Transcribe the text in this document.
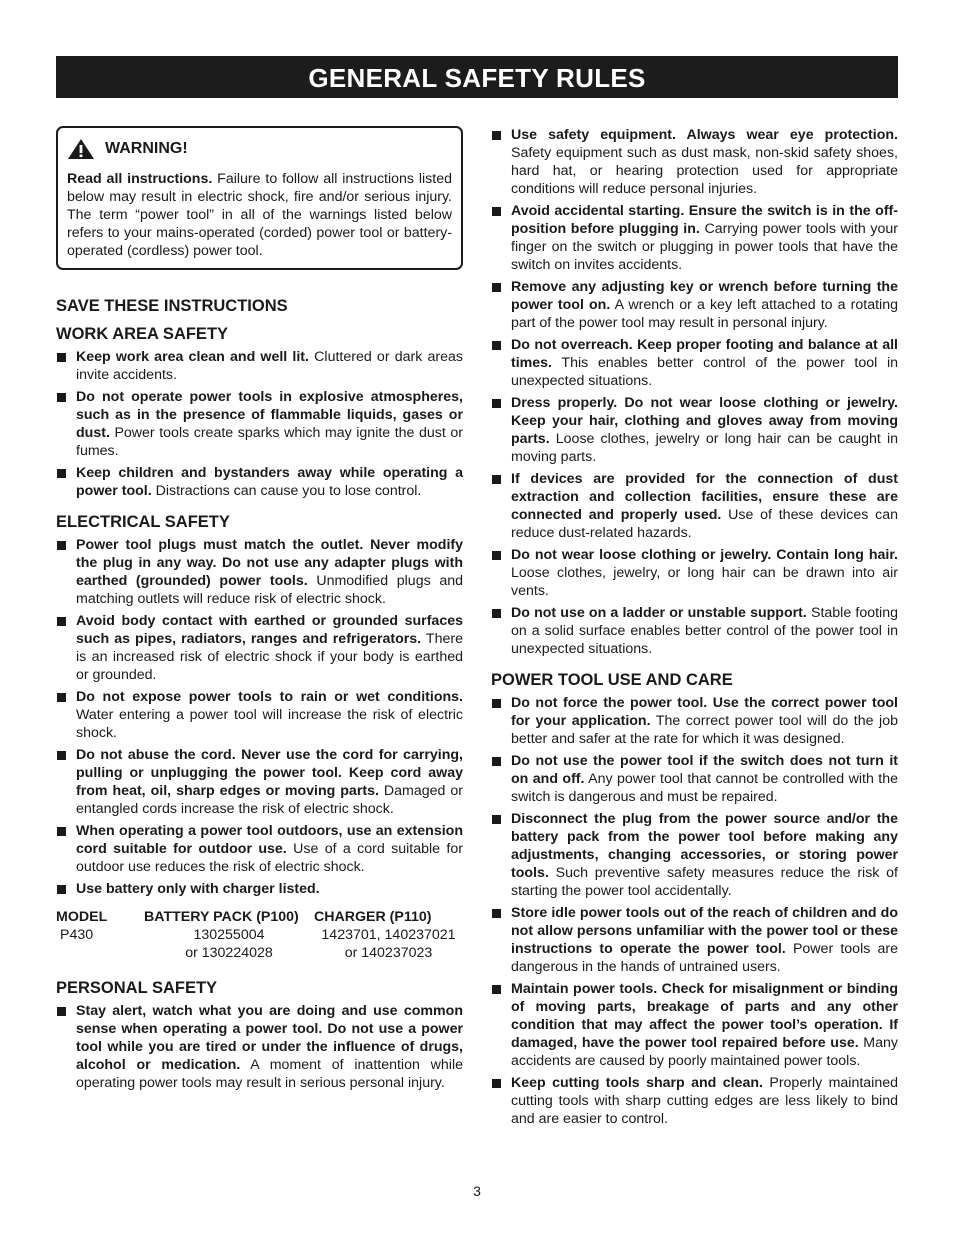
GENERAL SAFETY RULES
WARNING!
Read all instructions. Failure to follow all instructions listed below may result in electric shock, fire and/or serious injury. The term “power tool” in all of the warnings listed below refers to your mains-operated (corded) power tool or battery-operated (cordless) power tool.
SAVE THESE INSTRUCTIONS
WORK AREA SAFETY
Keep work area clean and well lit. Cluttered or dark areas invite accidents.
Do not operate power tools in explosive atmospheres, such as in the presence of flammable liquids, gases or dust. Power tools create sparks which may ignite the dust or fumes.
Keep children and bystanders away while operating a power tool. Distractions can cause you to lose control.
ELECTRICAL SAFETY
Power tool plugs must match the outlet. Never modify the plug in any way. Do not use any adapter plugs with earthed (grounded) power tools. Unmodified plugs and matching outlets will reduce risk of electric shock.
Avoid body contact with earthed or grounded surfaces such as pipes, radiators, ranges and refrigerators. There is an increased risk of electric shock if your body is earthed or grounded.
Do not expose power tools to rain or wet conditions. Water entering a power tool will increase the risk of electric shock.
Do not abuse the cord. Never use the cord for carrying, pulling or unplugging the power tool. Keep cord away from heat, oil, sharp edges or moving parts. Damaged or entangled cords increase the risk of electric shock.
When operating a power tool outdoors, use an extension cord suitable for outdoor use. Use of a cord suitable for outdoor use reduces the risk of electric shock.
Use battery only with charger listed.
MODEL	BATTERY PACK (P100)	CHARGER (P110)
P430	130255004	1423701, 140237021
	or 130224028	or 140237023
PERSONAL SAFETY
Stay alert, watch what you are doing and use common sense when operating a power tool. Do not use a power tool while you are tired or under the influence of drugs, alcohol or medication. A moment of inattention while operating power tools may result in serious personal injury.
Use safety equipment. Always wear eye protection. Safety equipment such as dust mask, non-skid safety shoes, hard hat, or hearing protection used for appropriate conditions will reduce personal injuries.
Avoid accidental starting. Ensure the switch is in the off-position before plugging in. Carrying power tools with your finger on the switch or plugging in power tools that have the switch on invites accidents.
Remove any adjusting key or wrench before turning the power tool on. A wrench or a key left attached to a rotating part of the power tool may result in personal injury.
Do not overreach. Keep proper footing and balance at all times. This enables better control of the power tool in unexpected situations.
Dress properly. Do not wear loose clothing or jewelry. Keep your hair, clothing and gloves away from moving parts. Loose clothes, jewelry or long hair can be caught in moving parts.
If devices are provided for the connection of dust extraction and collection facilities, ensure these are connected and properly used. Use of these devices can reduce dust-related hazards.
Do not wear loose clothing or jewelry. Contain long hair. Loose clothes, jewelry, or long hair can be drawn into air vents.
Do not use on a ladder or unstable support. Stable footing on a solid surface enables better control of the power tool in unexpected situations.
POWER TOOL USE AND CARE
Do not force the power tool. Use the correct power tool for your application. The correct power tool will do the job better and safer at the rate for which it was designed.
Do not use the power tool if the switch does not turn it on and off. Any power tool that cannot be controlled with the switch is dangerous and must be repaired.
Disconnect the plug from the power source and/or the battery pack from the power tool before making any adjustments, changing accessories, or storing power tools. Such preventive safety measures reduce the risk of starting the power tool accidentally.
Store idle power tools out of the reach of children and do not allow persons unfamiliar with the power tool or these instructions to operate the power tool. Power tools are dangerous in the hands of untrained users.
Maintain power tools. Check for misalignment or binding of moving parts, breakage of parts and any other condition that may affect the power tool’s operation. If damaged, have the power tool repaired before use. Many accidents are caused by poorly maintained power tools.
Keep cutting tools sharp and clean. Properly maintained cutting tools with sharp cutting edges are less likely to bind and are easier to control.
3
